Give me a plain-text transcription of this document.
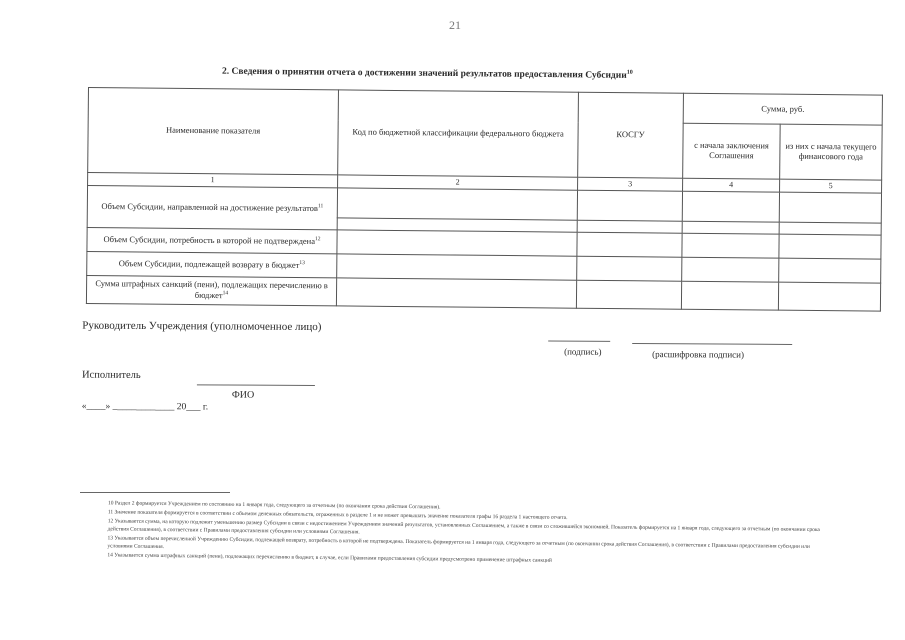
21
2. Сведения о принятии отчета о достижении значений результатов предоставления Субсидии$^{10}$
Наименование показателя	Код по бюджетной классификации федерального бюджета	КОСГУ	Сумма, руб.	
			с начала заключения Соглашения	из них с начала текущего финансового года
1	2	3	4	5
Объем Субсидии, направленной на достижение результатов$^{11}$				

Объем Субсидии, потребность в которой не подтверждена$^{12}$				
Объем Субсидии, подлежащей возврату в бюджет$^{13}$				
Сумма штрафных санкций (пени), подлежащих перечислению в бюджет$^{14}$				
Руководитель Учреждения (уполномоченное лицо)
(подпись)	(расшифровка подписи)
Исполнитель
ФИО
«____» _____________ 20___ г.

10 Раздел 2 формируется Учреждением по состоянию на 1 января года, следующего за отчетным (по окончании срока действия Соглашения).

11 Значение показателя формируется в соответствии с объемом денежных обязательств, отраженных в разделе 1 и не может превышать значение показателя графы 16 раздела 1 настоящего отчета.

12 Указывается сумма, на которую подлежит уменьшению размер Субсидии в связи с недостижением Учреждением значений результатов, установленных Соглашением, а также в связи со сложившейся экономией. Показатель формируется на 1 января года, следующего за отчетным (по окончании срока действия Соглашения), в соответствии с Правилами предоставления субсидии или условиями Соглашения.

13 Указывается объем перечисленной Учреждению Субсидии, подлежащей возврату, потребность в которой не подтверждена. Показатель формируется на 1 января года, следующего за отчетным (по окончании срока действия Соглашения), в соответствии с Правилами предоставления субсидии или условиями Соглашения.

14 Указывается сумма штрафных санкций (пени), подлежащих перечислению в бюджет, в случае, если Правилами предоставления субсидии предусмотрено применение штрафных санкций
